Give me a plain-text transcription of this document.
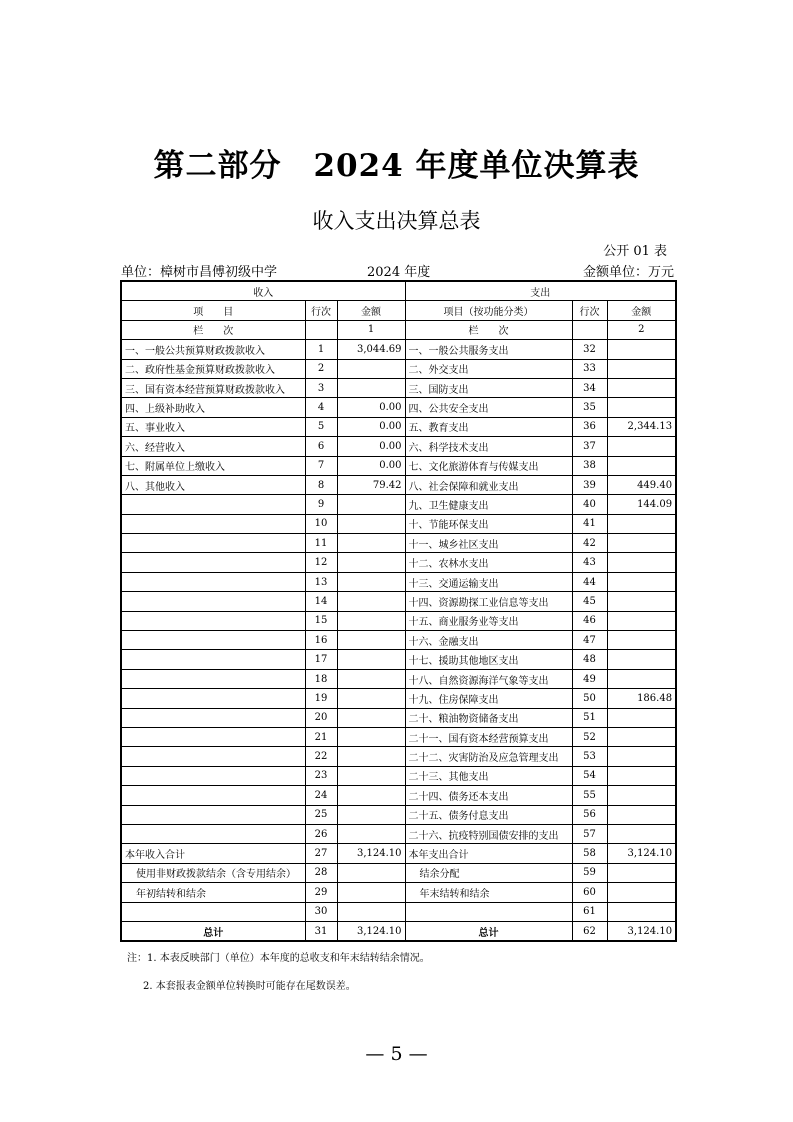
第二部分　2024 年度单位决算表
收入支出决算总表
公开 01 表
单位：樟树市昌傅初级中学	2024 年度	金额单位：万元
收入			支出		
项　　目	行次	金额	项目（按功能分类）	行次	金额
栏　　次		1	栏　　次		2
一、一般公共预算财政拨款收入	1	3,044.69	一、一般公共服务支出	32	
二、政府性基金预算财政拨款收入	2		二、外交支出	33	
三、国有资本经营预算财政拨款收入	3		三、国防支出	34	
四、上级补助收入	4	0.00	四、公共安全支出	35	
五、事业收入	5	0.00	五、教育支出	36	2,344.13
六、经营收入	6	0.00	六、科学技术支出	37	
七、附属单位上缴收入	7	0.00	七、文化旅游体育与传媒支出	38	
八、其他收入	8	79.42	八、社会保障和就业支出	39	449.40
	9		九、卫生健康支出	40	144.09
	10		十、节能环保支出	41	
	11		十一、城乡社区支出	42	
	12		十二、农林水支出	43	
	13		十三、交通运输支出	44	
	14		十四、资源勘探工业信息等支出	45	
	15		十五、商业服务业等支出	46	
	16		十六、金融支出	47	
	17		十七、援助其他地区支出	48	
	18		十八、自然资源海洋气象等支出	49	
	19		十九、住房保障支出	50	186.48
	20		二十、粮油物资储备支出	51	
	21		二十一、国有资本经营预算支出	52	
	22		二十二、灾害防治及应急管理支出	53	
	23		二十三、其他支出	54	
	24		二十四、债务还本支出	55	
	25		二十五、债务付息支出	56	
	26		二十六、抗疫特别国债安排的支出	57	
本年收入合计	27	3,124.10	本年支出合计	58	3,124.10
使用非财政拨款结余（含专用结余）	28		结余分配	59	
年初结转和结余	29		年末结转和结余	60	
	30			61	
总计	31	3,124.10	总计	62	3,124.10
注：1. 本表反映部门（单位）本年度的总收支和年末结转结余情况。
2. 本套报表金额单位转换时可能存在尾数误差。
— 5 —
